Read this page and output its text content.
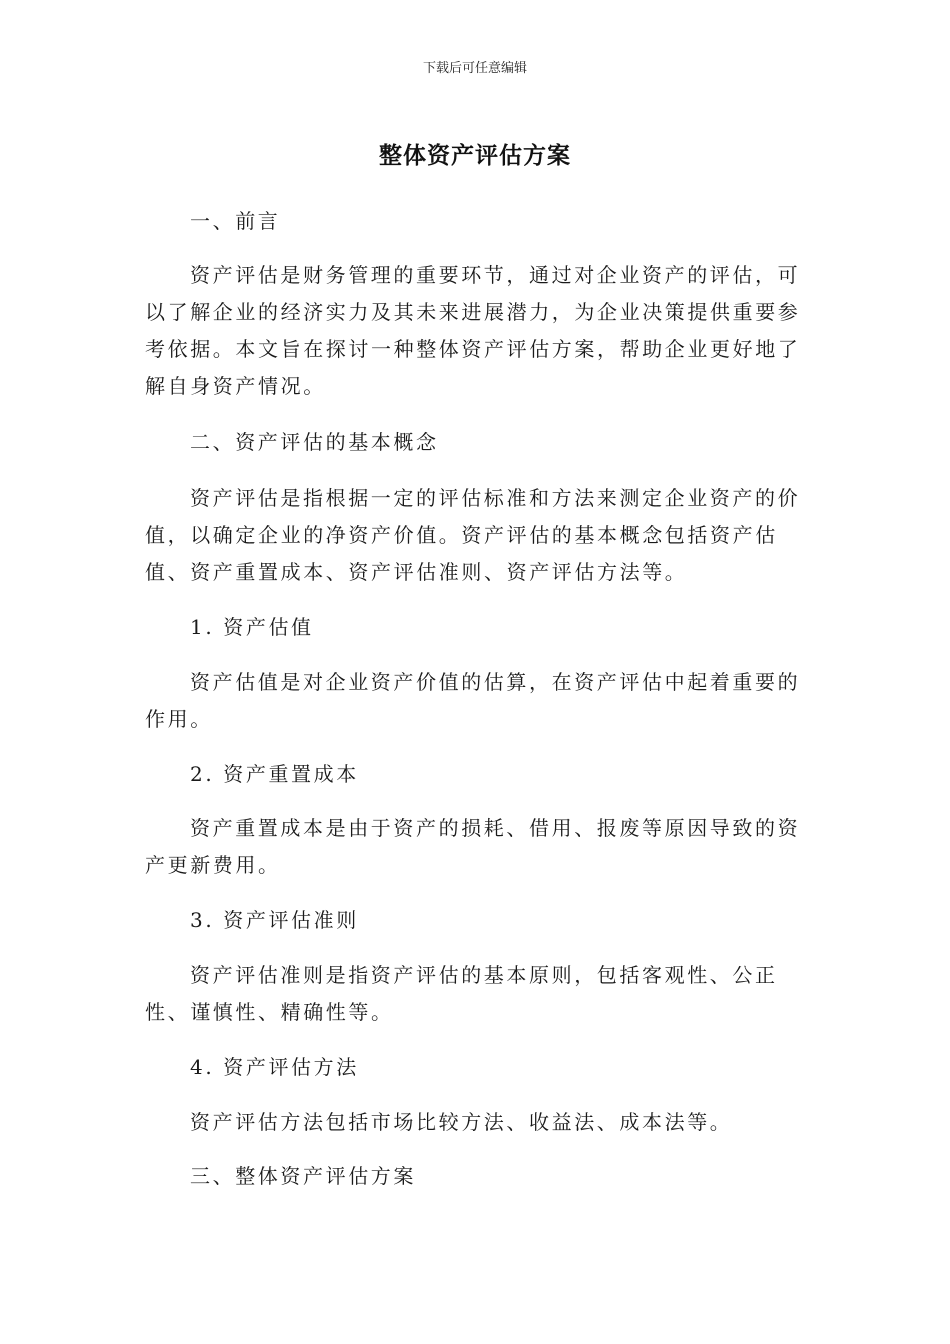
下载后可任意编辑
整体资产评估方案

一、前言

资产评估是财务管理的重要环节，通过对企业资产的评估，可以了解企业的经济实力及其未来进展潜力，为企业决策提供重要参考依据。本文旨在探讨一种整体资产评估方案，帮助企业更好地了解自身资产情况。

二、资产评估的基本概念

资产评估是指根据一定的评估标准和方法来测定企业资产的价值，以确定企业的净资产价值。资产评估的基本概念包括资产估值、资产重置成本、资产评估准则、资产评估方法等。

1. 资产估值

资产估值是对企业资产价值的估算，在资产评估中起着重要的作用。

2. 资产重置成本

资产重置成本是由于资产的损耗、借用、报废等原因导致的资产更新费用。

3. 资产评估准则

资产评估准则是指资产评估的基本原则，包括客观性、公正性、谨慎性、精确性等。

4. 资产评估方法

资产评估方法包括市场比较方法、收益法、成本法等。

三、整体资产评估方案
